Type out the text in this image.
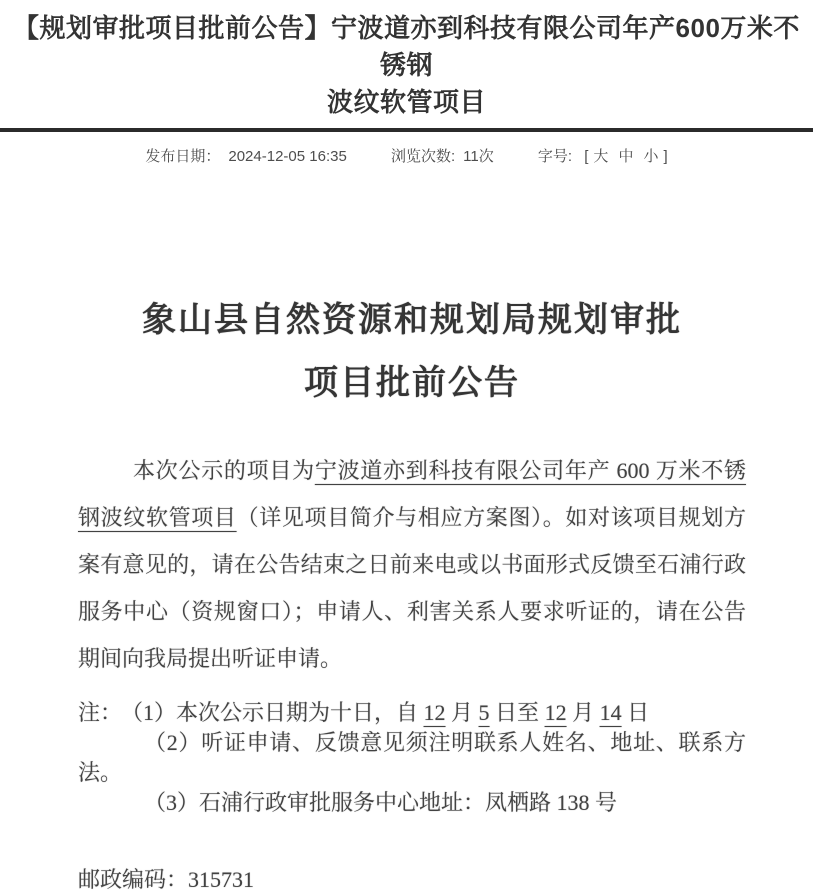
【规划审批项目批前公告】宁波道亦到科技有限公司年产600万米不锈钢
波纹软管项目
发布日期： 2024-12-05 16:35	浏览次数: 11次	字号: [ 大 中 小 ]
象山县自然资源和规划局规划审批
项目批前公告

本次公示的项目为宁波道亦到科技有限公司年产 600 万米不锈钢波纹软管项目（详见项目简介与相应方案图）。如对该项目规划方案有意见的，请在公告结束之日前来电或以书面形式反馈至石浦行政服务中心（资规窗口）；申请人、利害关系人要求听证的，请在公告期间向我局提出听证申请。

注： （1）本次公示日期为十日，自 12 月 5 日至 12 月 14 日

（2）听证申请、反馈意见须注明联系人姓名、地址、联系方法。

（3）石浦行政审批服务中心地址：凤栖路 138 号

邮政编码：315731
